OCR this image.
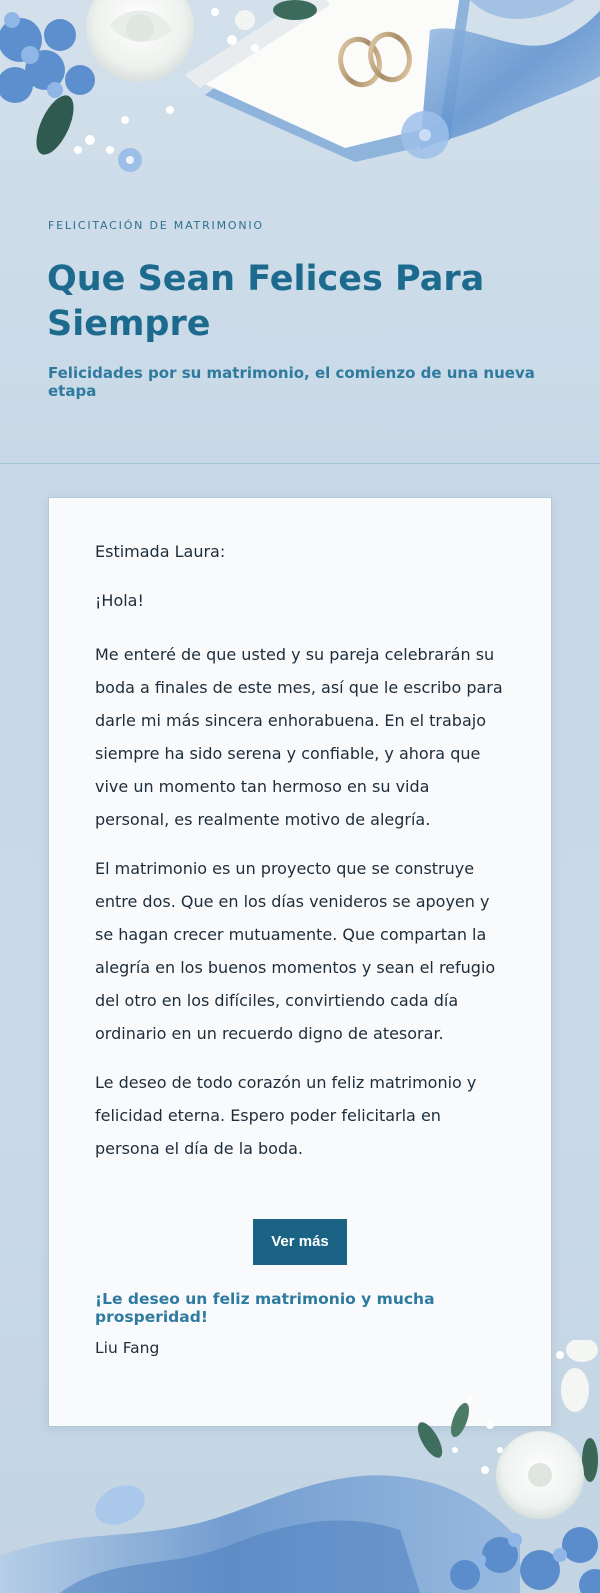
FELICITACIÓN DE MATRIMONIO
Que Sean Felices Para Siempre
Felicidades por su matrimonio, el comienzo de una nueva etapa

Estimada Laura:

¡Hola!

Me enteré de que usted y su pareja celebrarán su boda a finales de este mes, así que le escribo para darle mi más sincera enhorabuena. En el trabajo siempre ha sido serena y confiable, y ahora que vive un momento tan hermoso en su vida personal, es realmente motivo de alegría.

El matrimonio es un proyecto que se construye entre dos. Que en los días venideros se apoyen y se hagan crecer mutuamente. Que compartan la alegría en los buenos momentos y sean el refugio del otro en los difíciles, convirtiendo cada día ordinario en un recuerdo digno de atesorar.

Le deseo de todo corazón un feliz matrimonio y felicidad eterna. Espero poder felicitarla en persona el día de la boda.

Ver más
¡Le deseo un feliz matrimonio y mucha prosperidad!
Liu Fang
